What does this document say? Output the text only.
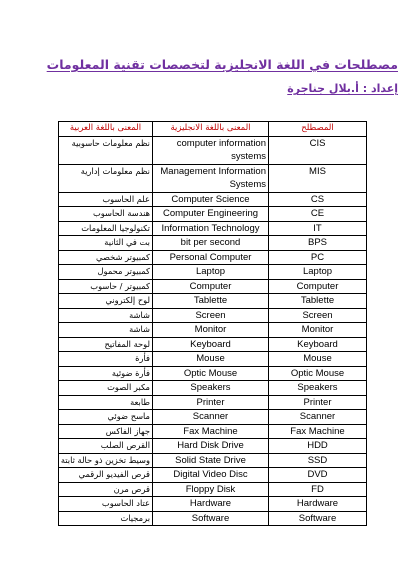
مصطلحات في اللغة الانجليزية لتخصصات تقنية المعلومات
إعداد : أ.بلال جناجرة
المعنى باللغة العربية	المعنى باللغة الانجليزية	المصطلح
نظم معلومات حاسوبية	computer information systems	CIS
نظم معلومات إدارية	Management Information Systems	MIS
علم الحاسوب	Computer Science	CS
هندسة الحاسوب	Computer Engineering	CE
تكنولوجيا المعلومات	Information Technology	IT
بت في الثانية	bit per second	BPS
كمبيوتر شخصي	Personal Computer	PC
كمبيوتر محمول	Laptop	Laptop
كمبيوتر / حاسوب	Computer	Computer
لوح إلكتروني	Tablette	Tablette
شاشة	Screen	Screen
شاشة	Monitor	Monitor
لوحة المفاتيح	Keyboard	Keyboard
فأرة	Mouse	Mouse
فأرة ضوئية	Optic Mouse	Optic Mouse
مكبر الصوت	Speakers	Speakers
طابعة	Printer	Printer
ماسح ضوئي	Scanner	Scanner
جهاز الفاكس	Fax Machine	Fax Machine
القرص الصلب	Hard Disk Drive	HDD
وسيط تخزين ذو حالة ثابتة	Solid State Drive	SSD
قرص الفيديو الرقمي	Digital Video Disc	DVD
قرص مرن	Floppy Disk	FD
عتاد الحاسوب	Hardware	Hardware
برمجيات	Software	Software
